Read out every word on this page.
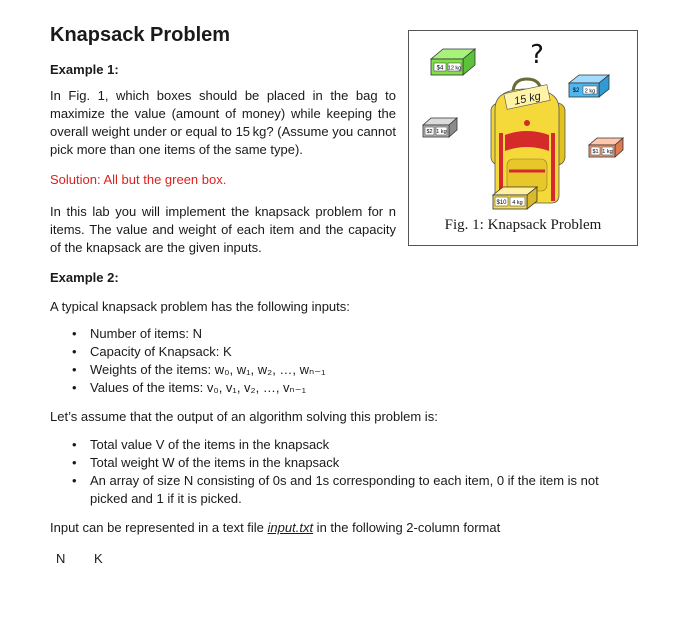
Knapsack Problem
Example 1:
In Fig. 1, which boxes should be placed in the bag to maximize the value (amount of money) while keeping the overall weight under or equal to 15 kg? (Assume you cannot pick more than one items of the same type).
Solution: All but the green box.
In this lab you will implement the knapsack problem for n items. The value and weight of each item and the capacity of the knapsack are the given inputs.
$4 12 kg	?
$2 2 kg
$2 1 kg
15 kg
$1 1 kg
$10 4 kg
Fig. 1: Knapsack Problem
Example 2:
A typical knapsack problem has the following inputs:
• Number of items: N
• Capacity of Knapsack: K
• Weights of the items: w₀, w₁, w₂, …, wₙ₋₁
• Values of the items: v₀, v₁, v₂, …, vₙ₋₁
Let’s assume that the output of an algorithm solving this problem is:
• Total value V of the items in the knapsack
• Total weight W of the items in the knapsack
• An array of size N consisting of 0s and 1s corresponding to each item, 0 if the item is not picked and 1 if it is picked.
Input can be represented in a text file input.txt in the following 2-column format
N K
